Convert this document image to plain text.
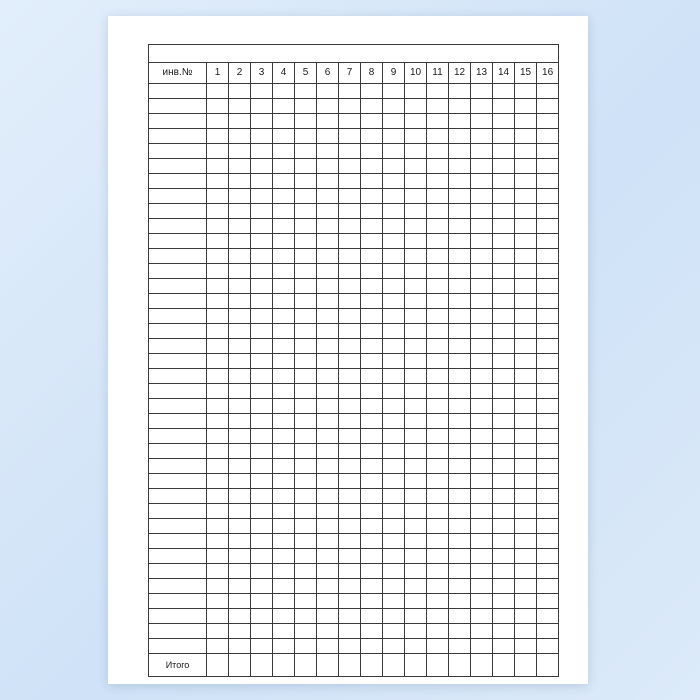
инв.№	1	2	3	4	5	6	7	8	9	10	11	12	13	14	15	16

Итого																
